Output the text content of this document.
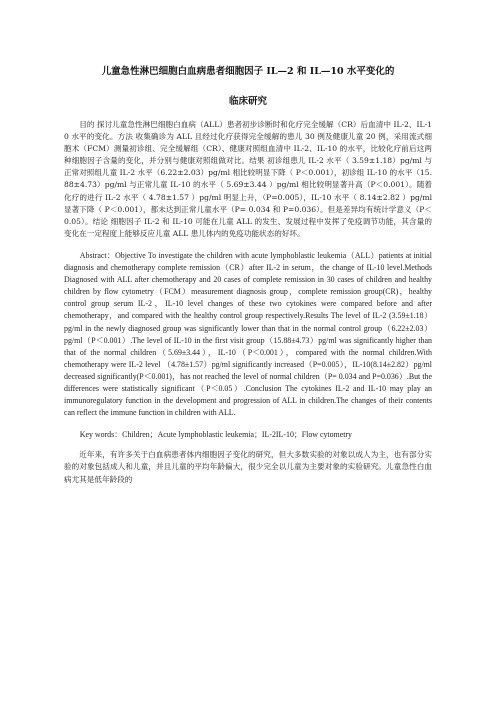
儿童急性淋巴细胞白血病患者细胞因子 IL—2 和 IL—10 水平变化的
临床研究

目的 探讨儿童急性淋巴细胞白血病（ALL）患者初步诊断时和化疗完全缓解（CR）后血清中 IL-2、IL-10 水平的变化。方法 收集确诊为 ALL 且经过化疗获得完全缓解的患儿 30 例及健康儿童 20 例，采用流式细胞术（FCM）测量初诊组、完全缓解组（CR）、健康对照组血清中 IL-2、IL-10 的水平，比较化疗前后这两种细胞因子含量的变化，并分别与健康对照组做对比。结果 初诊组患儿 IL-2 水平（ 3.59±1.18）pg/ml 与正常对照组儿童 IL-2 水平（6.22±2.03）pg/ml 相比较明显下降（ P＜0.001），初诊组 IL-10 的水平（15.88±4.73）pg/ml 与正常儿童 IL-10 的水平（ 5.69±3.44 ）pg/ml 相比较明显著升高（P＜0.001）。随着化疗的进行 IL-2 水平（ 4.78±1.57 ）pg/ml 明显上升，（P=0.005），IL-10 水平（ 8.14±2.82 ）pg/ml 显著下降（ P＜0.001），都未达到正常儿童水平（P= 0.034 和 P=0.036）。但是差异均有统计学意义（P＜0.05）。结论 细胞因子 IL-2 和 IL-10 可能在儿童 ALL 的发生、发展过程中发挥了免疫调节功能，其含量的变化在一定程度上能够反应儿童 ALL 患儿体内的免疫功能状态的好坏。

Abstract：Objective To investigate the children with acute lymphoblastic leukemia（ALL）patients at initial diagnosis and chemotherapy complete remission（CR）after IL-2 in serum，the change of IL-10 level.Methods Diagnosed with ALL after chemotherapy and 20 cases of complete remission in 30 cases of children and healthy children by flow cytometry（FCM）measurement diagnosis group，complete remission group(CR)，healthy control group serum IL-2，IL-10 level changes of these two cytokines were compared before and after chemotherapy，and compared with the healthy control group respectively.Results The level of IL-2 (3.59±1.18）pg/ml in the newly diagnosed group was significantly lower than that in the normal control group（6.22±2.03） pg/ml（P＜0.001）.The level of IL-10 in the first visit group（15.88±4.73）pg/ml was significantly higher than that of the normal children（5.69±3.44），IL-10（P＜0.001），compared with the normal children.With chemotherapy were IL-2 level （4.78±1.57）pg/ml significantly increased（P=0.005），IL-10(8.14±2.82）pg/ml decreased significantly(P＜0.001)，has not reached the level of normal children（P= 0.034 and P=0.036）.But the differences were statistically significant（P＜0.05）.Conclusion The cytokines IL-2 and IL-10 may play an immunoregulatory function in the development and progression of ALL in children.The changes of their contents can reflect the immune function in children with ALL.

Key words：Children；Acute lymphoblastic leukemia；IL-2IL-10；Flow cytometry

近年来，有许多关于白血病患者体内细胞因子变化的研究，但大多数实验的对象以成人为主，也有部分实验的对象包括成人和儿童，并且儿童的平均年龄偏大，很少完全以儿童为主要对象的实验研究。儿童急性白血病尤其是低年龄段的
